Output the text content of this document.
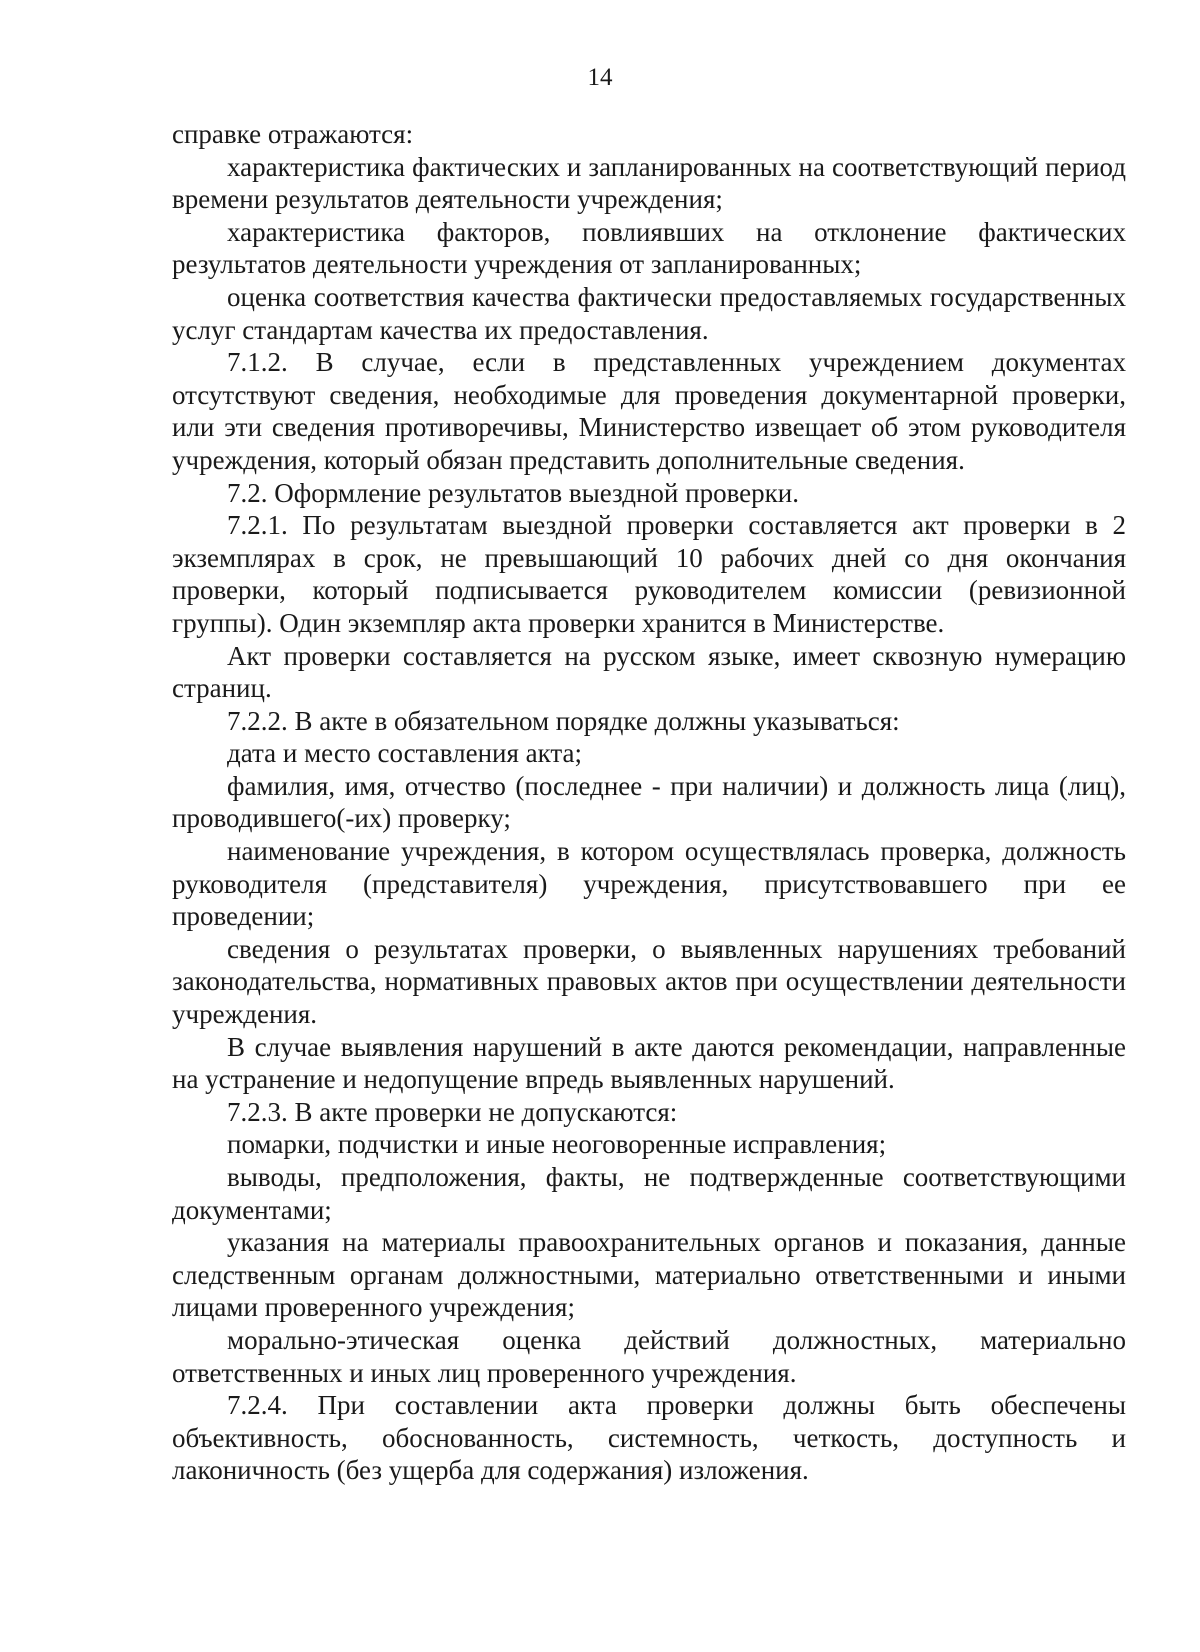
14

справке отражаются:

характеристика фактических и запланированных на соответствующий период времени результатов деятельности учреждения;

характеристика факторов, повлиявших на отклонение фактических результатов деятельности учреждения от запланированных;

оценка соответствия качества фактически предоставляемых государственных услуг стандартам качества их предоставления.

7.1.2. В случае, если в представленных учреждением документах отсутствуют сведения, необходимые для проведения документарной проверки, или эти сведения противоречивы, Министерство извещает об этом руководителя учреждения, который обязан представить дополнительные сведения.

7.2. Оформление результатов выездной проверки.

7.2.1. По результатам выездной проверки составляется акт проверки в 2 экземплярах в срок, не превышающий 10 рабочих дней со дня окончания проверки, который подписывается руководителем комиссии (ревизионной группы). Один экземпляр акта проверки хранится в Министерстве.

Акт проверки составляется на русском языке, имеет сквозную нумерацию страниц.

7.2.2. В акте в обязательном порядке должны указываться:

дата и место составления акта;

фамилия, имя, отчество (последнее - при наличии) и должность лица (лиц), проводившего(-их) проверку;

наименование учреждения, в котором осуществлялась проверка, должность руководителя (представителя) учреждения, присутствовавшего при ее проведении;

сведения о результатах проверки, о выявленных нарушениях требований законодательства, нормативных правовых актов при осуществлении деятельности учреждения.

В случае выявления нарушений в акте даются рекомендации, направленные на устранение и недопущение впредь выявленных нарушений.

7.2.3. В акте проверки не допускаются:

помарки, подчистки и иные неоговоренные исправления;

выводы, предположения, факты, не подтвержденные соответствующими документами;

указания на материалы правоохранительных органов и показания, данные следственным органам должностными, материально ответственными и иными лицами проверенного учреждения;

морально-этическая оценка действий должностных, материально ответственных и иных лиц проверенного учреждения.

7.2.4. При составлении акта проверки должны быть обеспечены объективность, обоснованность, системность, четкость, доступность и лаконичность (без ущерба для содержания) изложения.
